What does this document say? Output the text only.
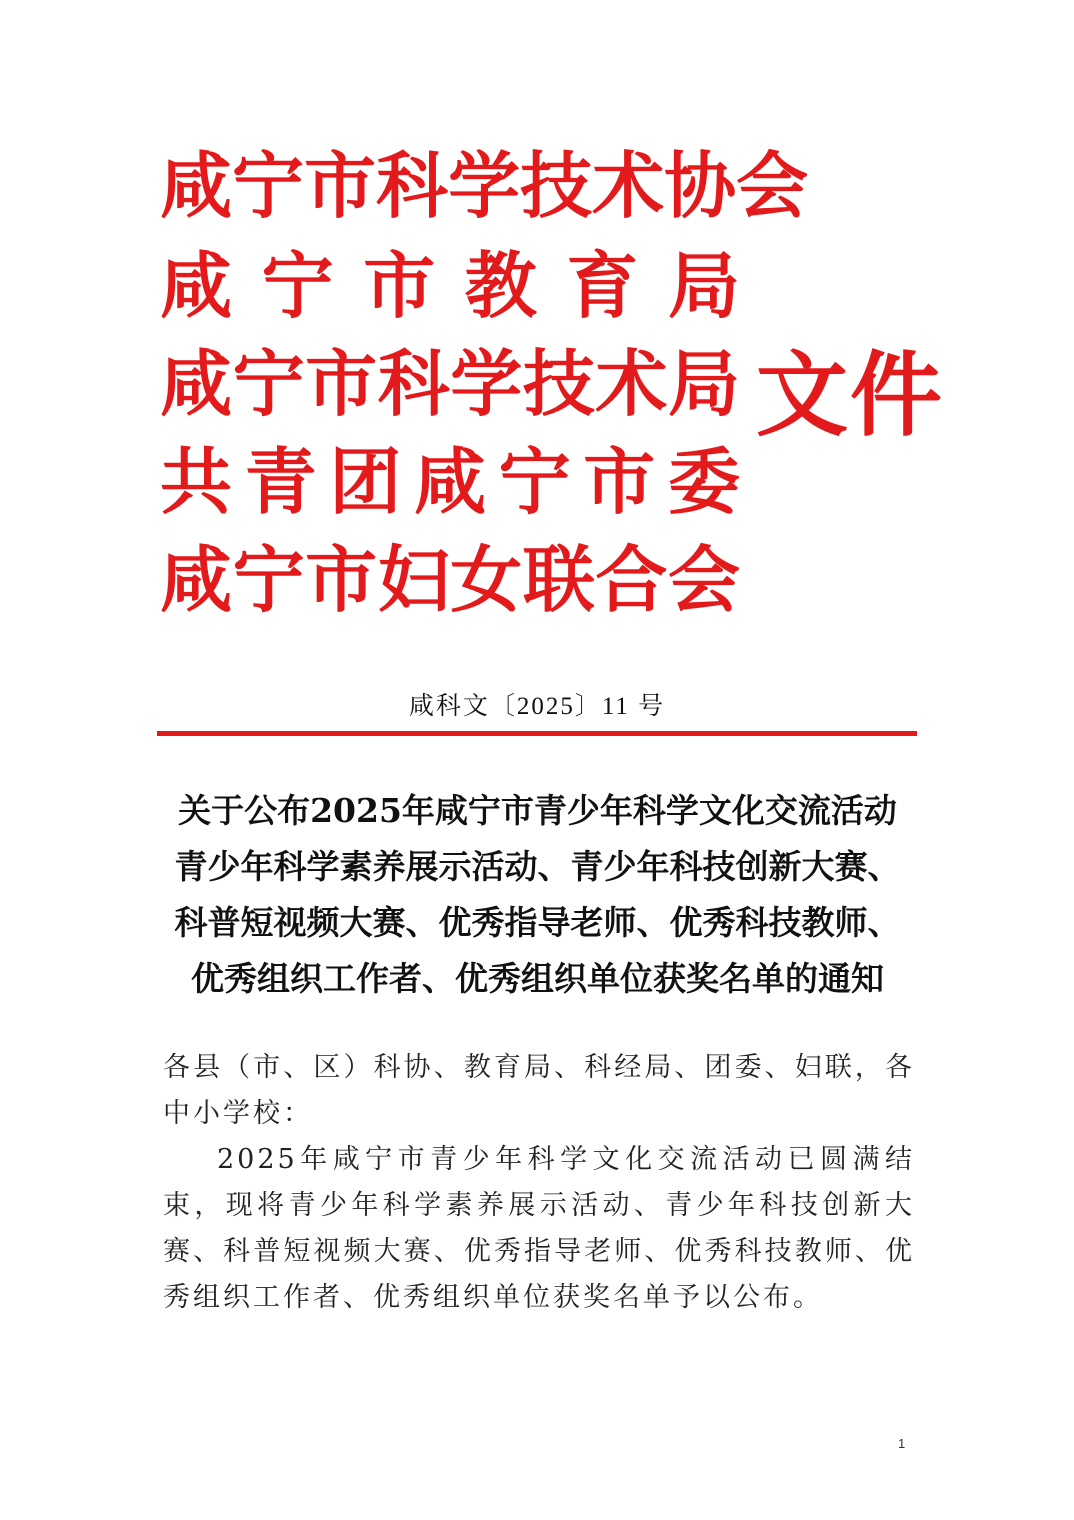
咸 宁 市 科 学 技 术 协 会
咸 宁 市 教 育 局
咸 宁 市 科 学 技 术 局
共 青 团 咸 宁 市 委
咸 宁 市 妇 女 联 合 会
文件
咸科文〔2025〕11 号
关于公布2025年咸宁市青少年科学文化交流活动
青少年科学素养展示活动、青少年科技创新大赛、
科普短视频大赛、优秀指导老师、优秀科技教师、
优秀组织工作者、优秀组织单位获奖名单的通知

各县（市、区）科协、教育局、科经局、团委、妇联，各中小学校：

2025年咸宁市青少年科学文化交流活动已圆满结束，现将青少年科学素养展示活动、青少年科技创新大赛、科普短视频大赛、优秀指导老师、优秀科技教师、优秀组织工作者、优秀组织单位获奖名单予以公布。

1
